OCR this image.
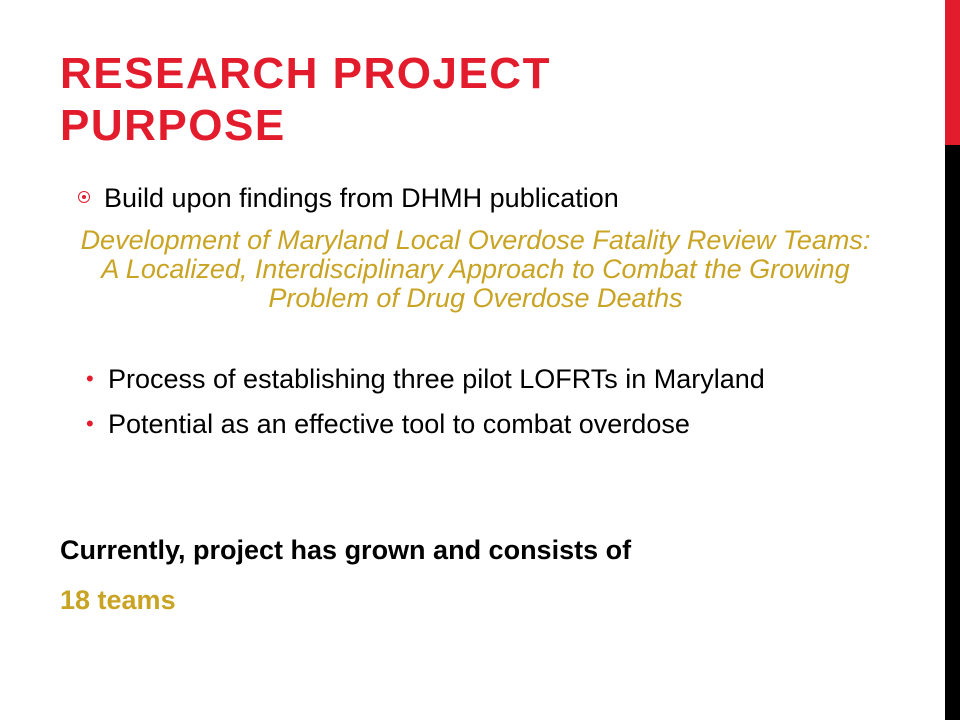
RESEARCH PROJECT
PURPOSE
Build upon findings from DHMH publication
Development of Maryland Local Overdose Fatality Review Teams: A Localized, Interdisciplinary Approach to Combat the Growing Problem of Drug Overdose Deaths
• Process of establishing three pilot LOFRTs in Maryland
• Potential as an effective tool to combat overdose
Currently, project has grown and consists of
18 teams
